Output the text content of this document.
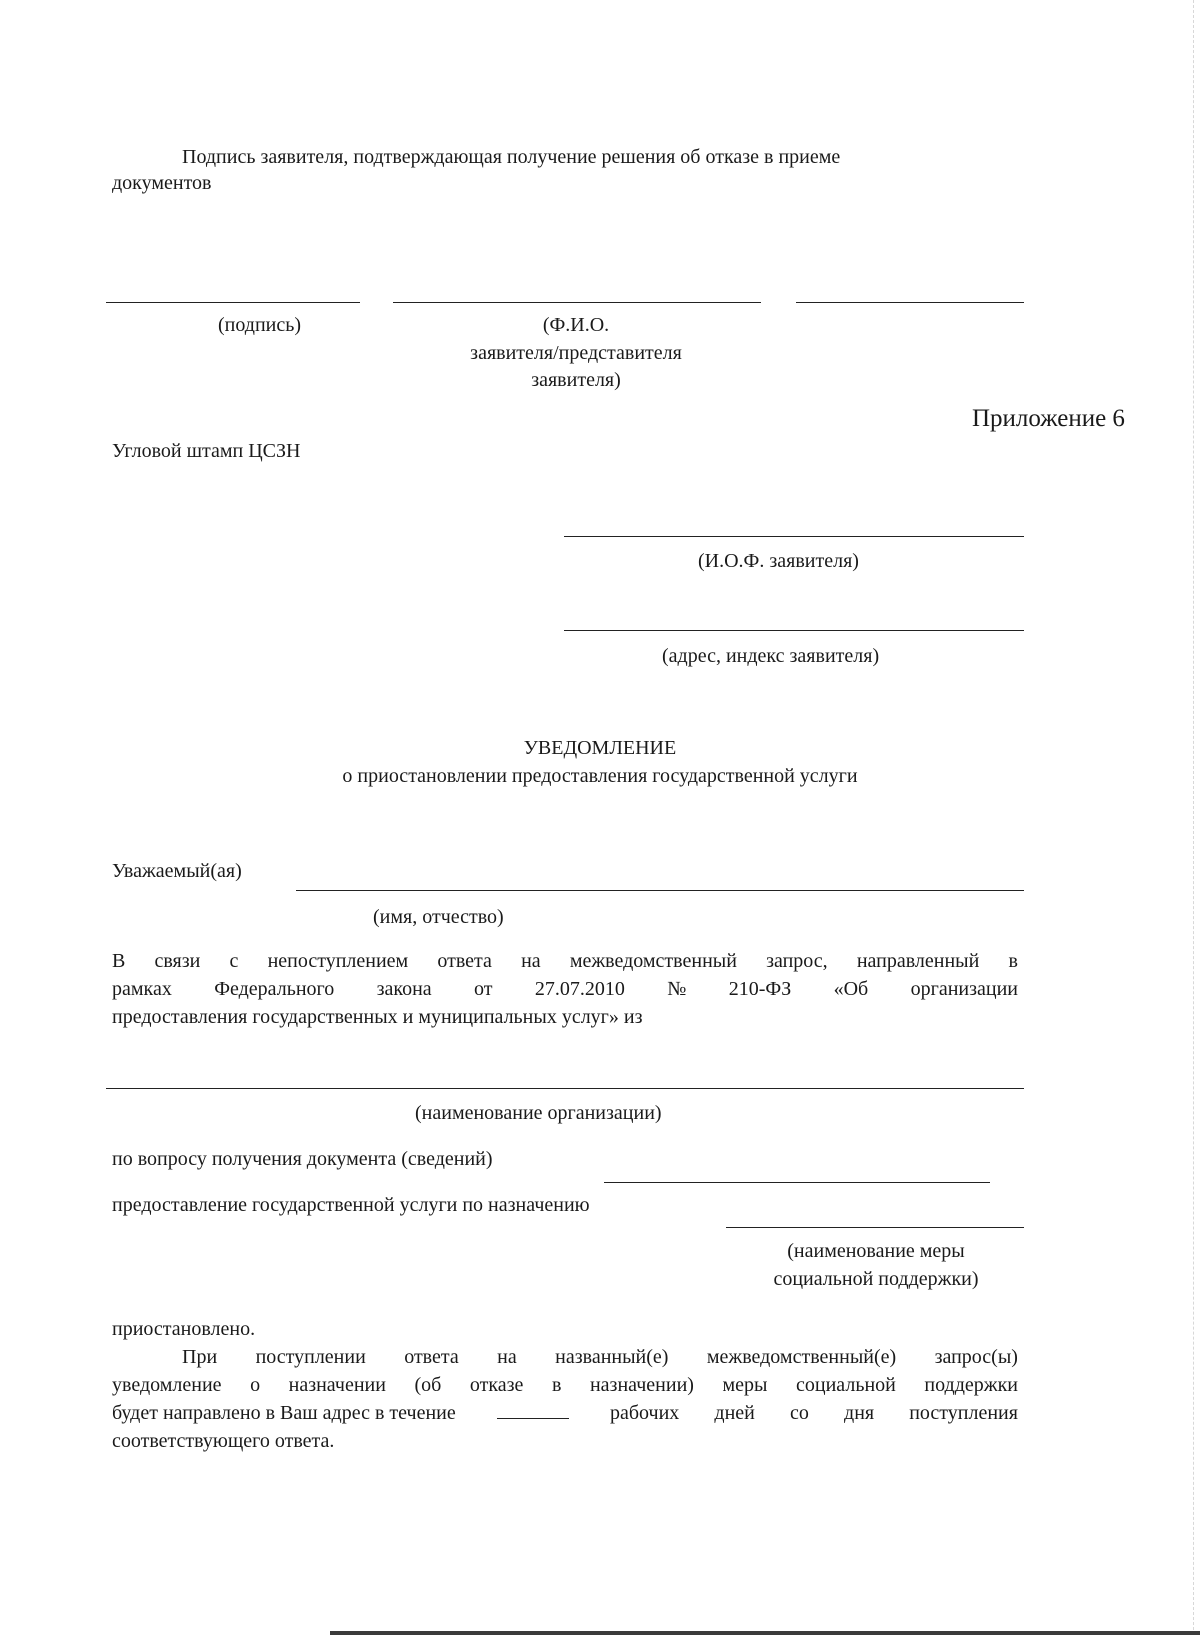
Подпись заявителя, подтверждающая получение решения об отказе в приеме
документов
(подпись)	(Ф.И.О.
заявителя/представителя
заявителя)
Приложение 6
Угловой штамп ЦСЗН
(И.О.Ф. заявителя)
(адрес, индекс заявителя)
УВЕДОМЛЕНИЕ
о приостановлении предоставления государственной услуги
Уважаемый(ая)
(имя, отчество)
В связи с непоступлением ответа на межведомственный запрос, направленный в
рамках Федерального закона от 27.07.2010 № 210-ФЗ «Об организации
предоставления государственных и муниципальных услуг» из
(наименование организации)
по вопросу получения документа (сведений)
предоставление государственной услуги по назначению
(наименование меры
социальной поддержки)
приостановлено.
При поступлении ответа на названный(е) межведомственный(е) запрос(ы)
уведомление о назначении (об отказе в назначении) меры социальной поддержки
будет направлено в Ваш адрес в течение	рабочих дней со дня поступления
соответствующего ответа.
